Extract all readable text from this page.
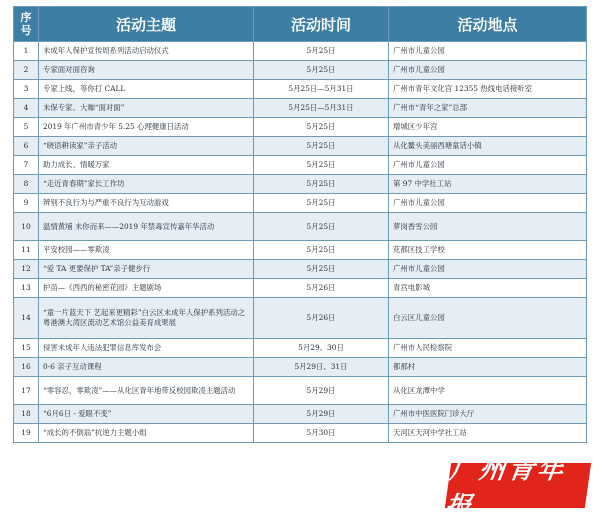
序
号	活动主题	活动时间	活动地点
1	未成年人保护宣传周系列活动启动仪式	5月25日	广州市儿童公园
2	专家面对面咨询	5月25日	广州市儿童公园
3	专家上线，等你打 CALL	5月25日—5月31日	广州市青年文化宫 12355 热线电话接听室
4	未保专家、大咖“面对面”	5月25日—5月31日	广州市“青年之家”总部
5	2019 年广州市青少年 5.25 心理健康日活动	5月25日	增城区少年宫
6	“晓语耕读家”亲子活动	5月25日	从化鳌头美丽西塘童话小镇
7	助力成长、情暖万家	5月25日	广州市儿童公园
8	“走近青春期”家长工作坊	5月25日	第 97 中学社工站
9	辨别不良行为与严重不良行为互动游戏	5月25日	广州市儿童公园
10	温情黄埔 未你而来——2019 年禁毒宣传嘉年华活动	5月25日	萝岗香雪公园
11	平安校园——零欺凌	5月25日	花都区技工学校
12	“爱 TA 更要保护 TA”亲子健步行	5月25日	广州市儿童公园
13	护苗—《西西的秘密花园》主题剧场	5月26日	青宫电影城
14	“童一片蓝天下 艺起来更精彩”白云区未成年人保护系列活动之粤港澳大湾区流动艺术馆公益美育成果展	5月26日	白云区儿童公园
15	侵害未成年人违法犯罪信息库发布会	5月29、30日	广州市人民检察院
16	0-6 亲子互动课程	5月29日、31日	都那村
17	“零容忍，零欺凌”——从化区青年地带反校园欺凌主题活动	5月29日	从化区龙潭中学
18	“6月6日 - 爱眼不变”	5月29日	广州市中医医院门诊大厅
19	“成长的不倒翁”抗逆力主题小组	5月30日	天河区天河中学社工站
广州青年报
